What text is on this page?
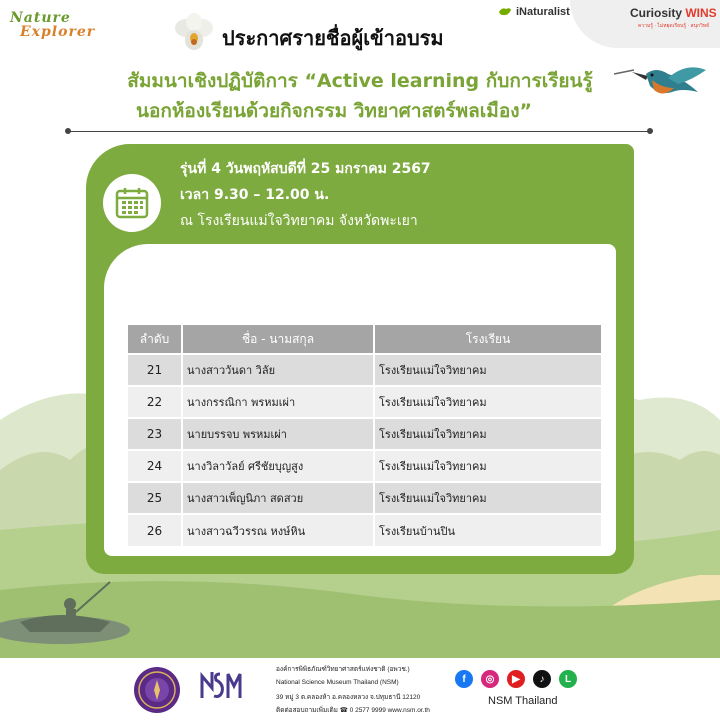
Nature
Explorer	ประกาศรายชื่อผู้เข้าอบรม
iNaturalist	Curiosity WINS
ความรู้ · ไม่หยุดเรียนรู้ · สนุกวิทย์
สัมมนาเชิงปฏิบัติการ “Active learning กับการเรียนรู้
นอกห้องเรียนด้วยกิจกรรม วิทยาศาสตร์พลเมือง”
รุ่นที่ 4 วันพฤหัสบดีที่ 25 มกราคม 2567
เวลา 9.30 – 12.00 น.
ณ โรงเรียนแม่ใจวิทยาคม จังหวัดพะเยา
ลำดับ	ชื่อ - นามสกุล	โรงเรียน
21	นางสาววันดา วิลัย	โรงเรียนแม่ใจวิทยาคม
22	นางกรรณิกา พรหมเผ่า	โรงเรียนแม่ใจวิทยาคม
23	นายบรรจบ พรหมเผ่า	โรงเรียนแม่ใจวิทยาคม
24	นางวิลาวัลย์ ศรีชัยบุญสูง	โรงเรียนแม่ใจวิทยาคม
25	นางสาวเพ็ญนิภา สดสวย	โรงเรียนแม่ใจวิทยาคม
26	นางสาวฉวีวรรณ หงษ์หิน	โรงเรียนบ้านปิน
องค์การพิพิธภัณฑ์วิทยาศาสตร์แห่งชาติ (อพวช.)
National Science Museum Thailand (NSM)
39 หมู่ 3 ต.คลองห้า อ.คลองหลวง จ.ปทุมธานี 12120
ติดต่อสอบถามเพิ่มเติม ☎ 0 2577 9999 www.nsm.or.th
f	◎	▶	♪	L
NSM Thailand
